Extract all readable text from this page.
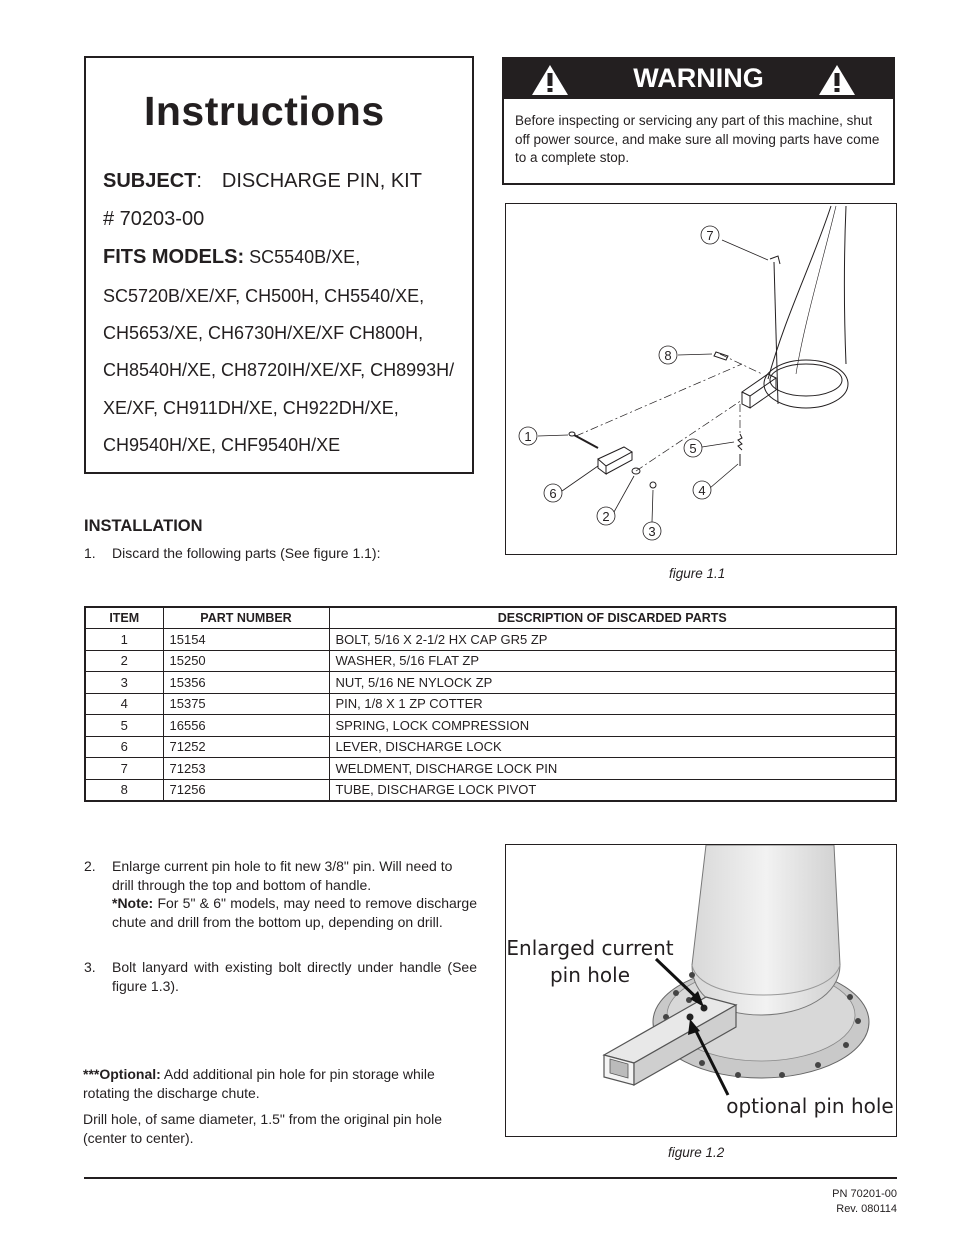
Instructions
SUBJECT: DISCHARGE PIN, KIT
# 70203-00
FITS MODELS: SC5540B/XE,
SC5720B/XE/XF, CH500H, CH5540/XE,
CH5653/XE, CH6730H/XE/XF CH800H,
CH8540H/XE, CH8720IH/XE/XF, CH8993H/
XE/XF, CH911DH/XE, CH922DH/XE,
CH9540H/XE, CHF9540H/XE
WARNING
Before inspecting or servicing any part of this machine, shut off power source, and make sure all moving parts have come to a complete stop.
7
8
1
5
6	4
2
3
figure 1.1
INSTALLATION
1. Discard the following parts (See figure 1.1):
ITEM	PART NUMBER	DESCRIPTION OF DISCARDED PARTS
1	15154	BOLT, 5/16 X 2-1/2 HX CAP GR5 ZP
2	15250	WASHER, 5/16 FLAT ZP
3	15356	NUT, 5/16 NE NYLOCK ZP
4	15375	PIN, 1/8 X 1 ZP COTTER
5	16556	SPRING, LOCK COMPRESSION
6	71252	LEVER, DISCHARGE LOCK
7	71253	WELDMENT, DISCHARGE LOCK PIN
8	71256	TUBE, DISCHARGE LOCK PIVOT
2. Enlarge current pin hole to fit new 3/8" pin. Will need to drill through the top and bottom of handle.
*Note: For 5" & 6" models, may need to remove discharge chute and drill from the bottom up, depending on drill.
3. Bolt lanyard with existing bolt directly under handle (See figure 1.3).
***Optional: Add additional pin hole for pin storage while rotating the discharge chute.
Drill hole, of same diameter, 1.5" from the original pin hole (center to center).
Enlarged current
pin hole
optional pin hole
figure 1.2
PN 70201-00
Rev. 080114
